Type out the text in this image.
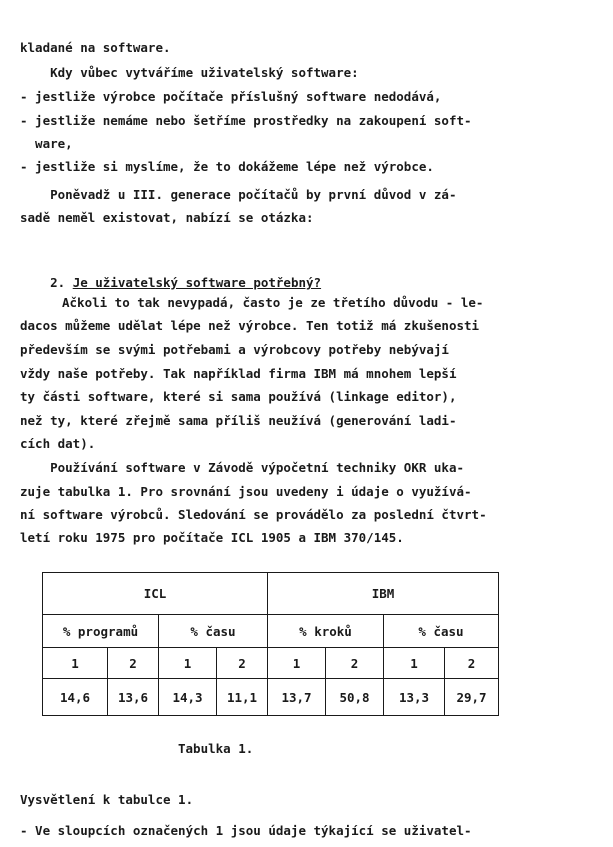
kladané na software.
Kdy vůbec vytváříme uživatelský software:
- jestliže výrobce počítače příslušný software nedodává,
- jestliže nemáme nebo šetříme prostředky na zakoupení soft-
ware,
- jestliže si myslíme, že to dokážeme lépe než výrobce.
Poněvadž u III. generace počítačů by první důvod v zá-
sadě neměl existovat, nabízí se otázka:

2. Je uživatelský software potřebný?

Ačkoli to tak nevypadá, často je ze třetího důvodu - le-
dacos můžeme udělat lépe než výrobce. Ten totiž má zkušenosti
především se svými potřebami a výrobcovy potřeby nebývají
vždy naše potřeby. Tak například firma IBM má mnohem lepší
ty části software, které si sama používá (linkage editor),
než ty, které zřejmě sama příliš neužívá (generování ladi-
cích dat).
Používání software v Závodě výpočetní techniky OKR uka-
zuje tabulka 1. Pro srovnání jsou uvedeny i údaje o využívá-
ní software výrobců. Sledování se provádělo za poslední čtvrt-
letí roku 1975 pro počítače ICL 1905 a IBM 370/145.
ICL				IBM			
% programů		% času		% kroků		% času	
1	2	1	2	1	2	1	2
14,6	13,6	14,3	11,1	13,7	50,8	13,3	29,7
Tabulka 1.
Vysvětlení k tabulce 1.
- Ve sloupcích označených 1 jsou údaje týkající se uživatel-
